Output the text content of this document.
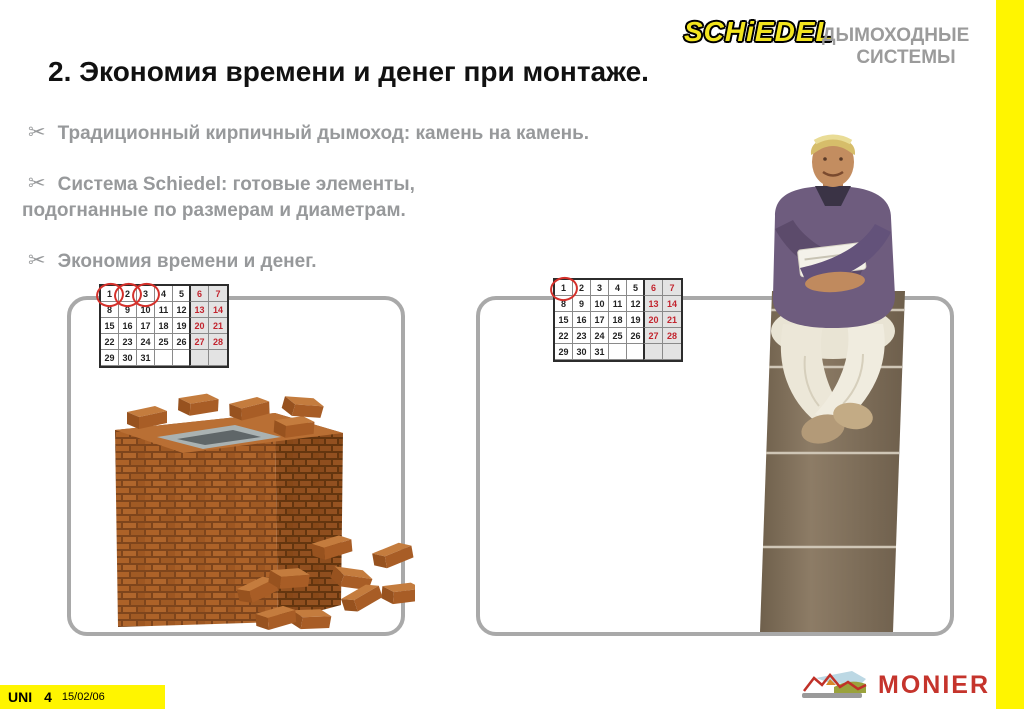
SCHiEDEL
ДЫМОХОДНЫЕ
СИСТЕМЫ
2. Экономия времени и денег при монтаже.
✂ Традиционный кирпичный дымоход: камень на камень.
✂ Система Schiedel: готовые элементы,
подогнанные по размерам и диаметрам.
✂ Экономия времени и денег.
1 2 3 4 5 6 7
8 9 10 11 12 13 14
15 16 17 18 19 20 21
22 23 24 25 26 27 28
29 30 31
1 2 3 4 5 6 7
8 9 10 11 12 13 14
15 16 17 18 19 20 21
22 23 24 25 26 27 28
29 30 31
UNI 4 15/02/06	MONIER
